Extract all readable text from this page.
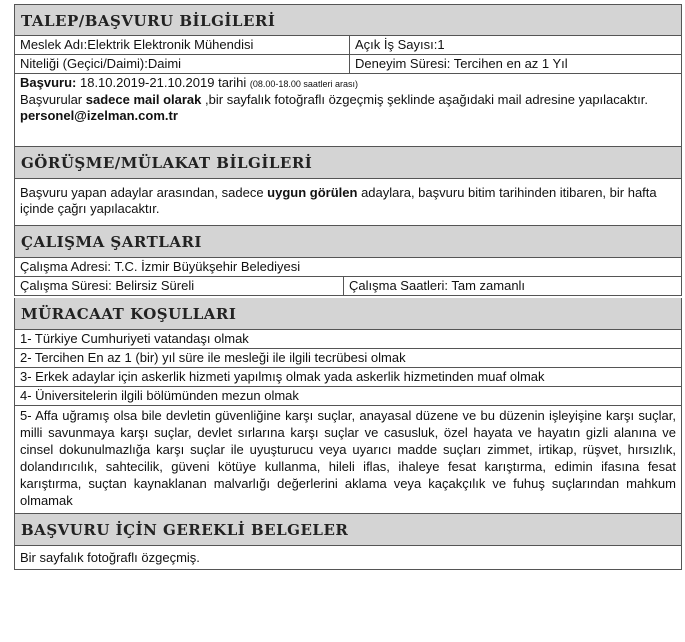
TALEP/BAŞVURU BİLGİLERİ
Meslek Adı:Elektrik Elektronik Mühendisi	Açık İş Sayısı:1
Niteliği (Geçici/Daimi):Daimi	Deneyim Süresi: Tercihen en az 1 Yıl
Başvuru: 18.10.2019-21.10.2019 tarihi (08.00-18.00 saatleri arası)
Başvurular sadece mail olarak ,bir sayfalık fotoğraflı özgeçmiş şeklinde aşağıdaki mail adresine yapılacaktır.
personel@izelman.com.tr
GÖRÜŞME/MÜLAKAT BİLGİLERİ
Başvuru yapan adaylar arasından, sadece uygun görülen adaylara, başvuru bitim tarihinden itibaren, bir hafta içinde çağrı yapılacaktır.
ÇALIŞMA ŞARTLARI
Çalışma Adresi: T.C. İzmir Büyükşehir Belediyesi
Çalışma Süresi: Belirsiz Süreli	Çalışma Saatleri: Tam zamanlı
MÜRACAAT KOŞULLARI
1- Türkiye Cumhuriyeti vatandaşı olmak
2- Tercihen En az 1 (bir) yıl süre ile mesleği ile ilgili tecrübesi olmak
3- Erkek adaylar için askerlik hizmeti yapılmış olmak yada askerlik hizmetinden muaf olmak
4- Üniversitelerin ilgili bölümünden mezun olmak
5- Affa uğramış olsa bile devletin güvenliğine karşı suçlar, anayasal düzene ve bu düzenin işleyişine karşı suçlar, milli savunmaya karşı suçlar, devlet sırlarına karşı suçlar ve casusluk, özel hayata ve hayatın gizli alanına ve cinsel dokunulmazlığa karşı suçlar ile uyuşturucu veya uyarıcı madde suçları zimmet, irtikap, rüşvet, hırsızlık, dolandırıcılık, sahtecilik, güveni kötüye kullanma, hileli iflas, ihaleye fesat karıştırma, edimin ifasına fesat karıştırma, suçtan kaynaklanan malvarlığı değerlerini aklama veya kaçakçılık ve fuhuş suçlarından mahkum olmamak
BAŞVURU İÇİN GEREKLİ BELGELER
Bir sayfalık fotoğraflı özgeçmiş.
